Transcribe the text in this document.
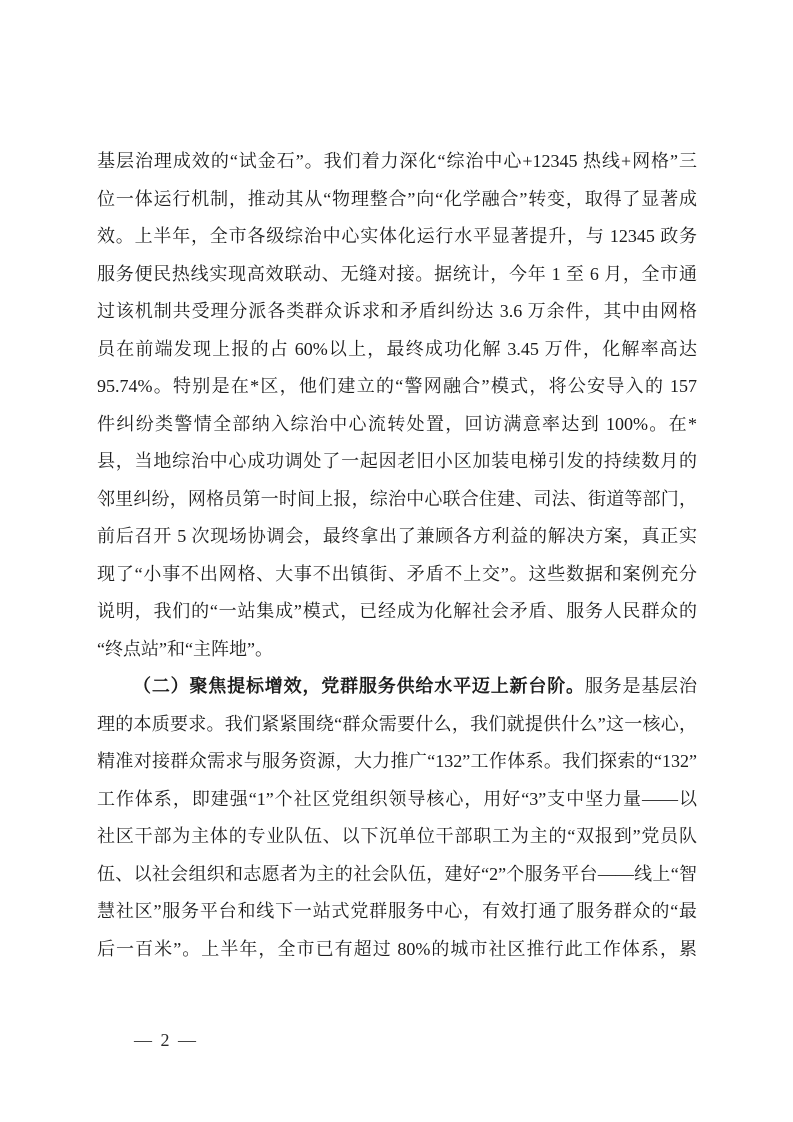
基层治理成效的“试金石”。我们着力深化“综治中心+12345 热线+网格”三
位一体运行机制，推动其从“物理整合”向“化学融合”转变，取得了显著成
效。上半年，全市各级综治中心实体化运行水平显著提升，与 12345 政务
服务便民热线实现高效联动、无缝对接。据统计，今年 1 至 6 月，全市通
过该机制共受理分派各类群众诉求和矛盾纠纷达 3.6 万余件，其中由网格
员在前端发现上报的占 60%以上，最终成功化解 3.45 万件，化解率高达
95.74%。特别是在*区，他们建立的“警网融合”模式，将公安导入的 157
件纠纷类警情全部纳入综治中心流转处置，回访满意率达到 100%。在*
县，当地综治中心成功调处了一起因老旧小区加装电梯引发的持续数月的
邻里纠纷，网格员第一时间上报，综治中心联合住建、司法、街道等部门，
前后召开 5 次现场协调会，最终拿出了兼顾各方利益的解决方案，真正实
现了“小事不出网格、大事不出镇街、矛盾不上交”。这些数据和案例充分
说明，我们的“一站集成”模式，已经成为化解社会矛盾、服务人民群众的
“终点站”和“主阵地”。
（二）聚焦提标增效，党群服务供给水平迈上新台阶。服务是基层治
理的本质要求。我们紧紧围绕“群众需要什么，我们就提供什么”这一核心，
精准对接群众需求与服务资源，大力推广“132”工作体系。我们探索的“132”
工作体系，即建强“1”个社区党组织领导核心，用好“3”支中坚力量——以
社区干部为主体的专业队伍、以下沉单位干部职工为主的“双报到”党员队
伍、以社会组织和志愿者为主的社会队伍，建好“2”个服务平台——线上“智
慧社区”服务平台和线下一站式党群服务中心，有效打通了服务群众的“最
后一百米”。上半年，全市已有超过 80%的城市社区推行此工作体系，累
— 2 —
